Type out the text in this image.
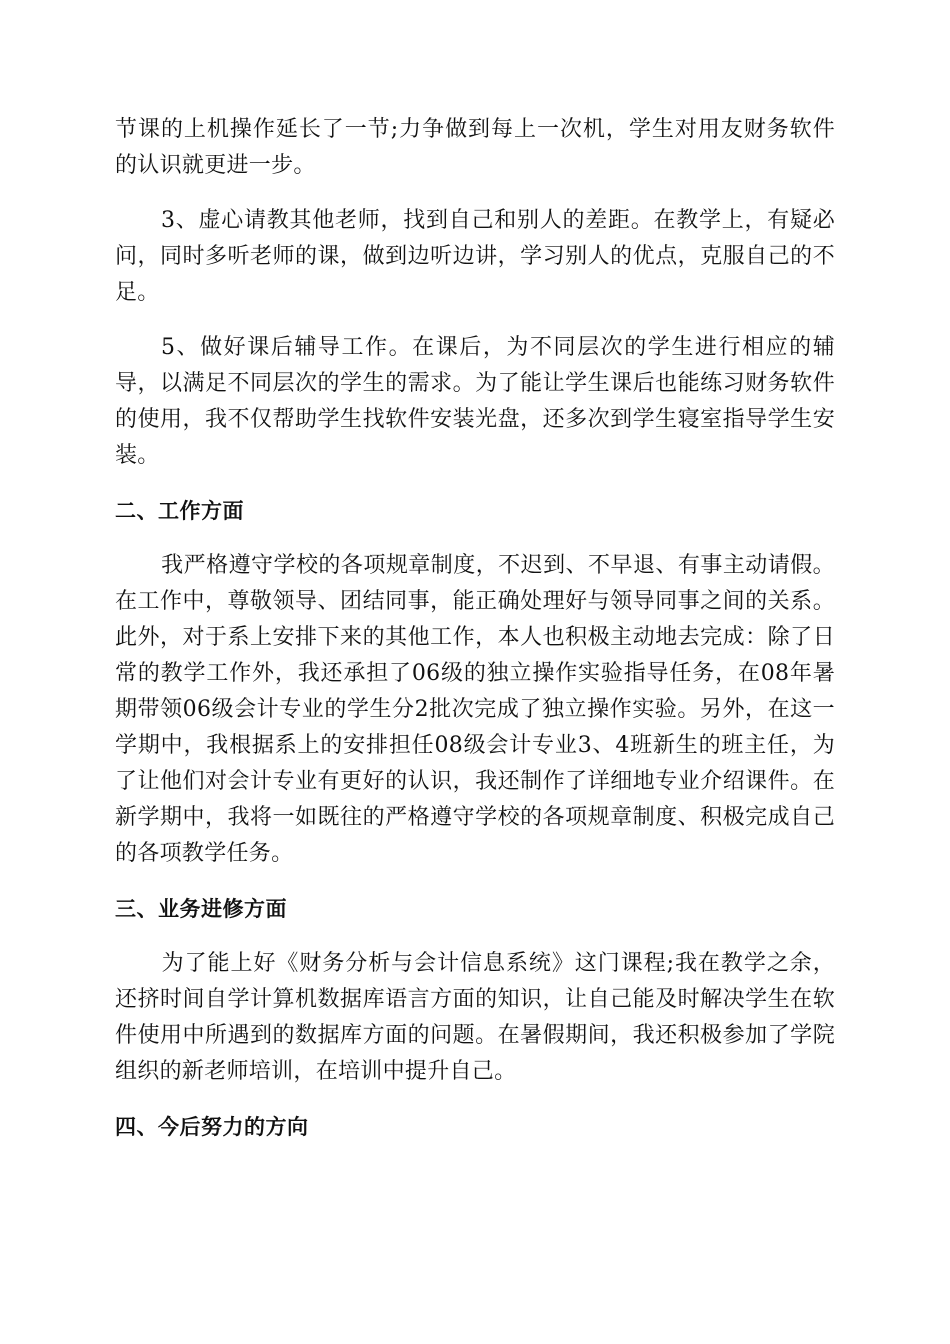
节课的上机操作延长了一节;力争做到每上一次机，学生对用友财务软件的认识就更进一步。

3、虚心请教其他老师，找到自己和别人的差距。在教学上，有疑必问，同时多听老师的课，做到边听边讲，学习别人的优点，克服自己的不足。

5、做好课后辅导工作。在课后，为不同层次的学生进行相应的辅导，以满足不同层次的学生的需求。为了能让学生课后也能练习财务软件的使用，我不仅帮助学生找软件安装光盘，还多次到学生寝室指导学生安装。

二、工作方面

我严格遵守学校的各项规章制度，不迟到、不早退、有事主动请假。在工作中，尊敬领导、团结同事，能正确处理好与领导同事之间的关系。此外，对于系上安排下来的其他工作，本人也积极主动地去完成：除了日常的教学工作外，我还承担了06级的独立操作实验指导任务，在08年暑期带领06级会计专业的学生分2批次完成了独立操作实验。另外，在这一学期中，我根据系上的安排担任08级会计专业3、4班新生的班主任，为了让他们对会计专业有更好的认识，我还制作了详细地专业介绍课件。在新学期中，我将一如既往的严格遵守学校的各项规章制度、积极完成自己的各项教学任务。

三、业务进修方面

为了能上好《财务分析与会计信息系统》这门课程;我在教学之余，还挤时间自学计算机数据库语言方面的知识，让自己能及时解决学生在软件使用中所遇到的数据库方面的问题。在暑假期间，我还积极参加了学院组织的新老师培训，在培训中提升自己。

四、今后努力的方向
